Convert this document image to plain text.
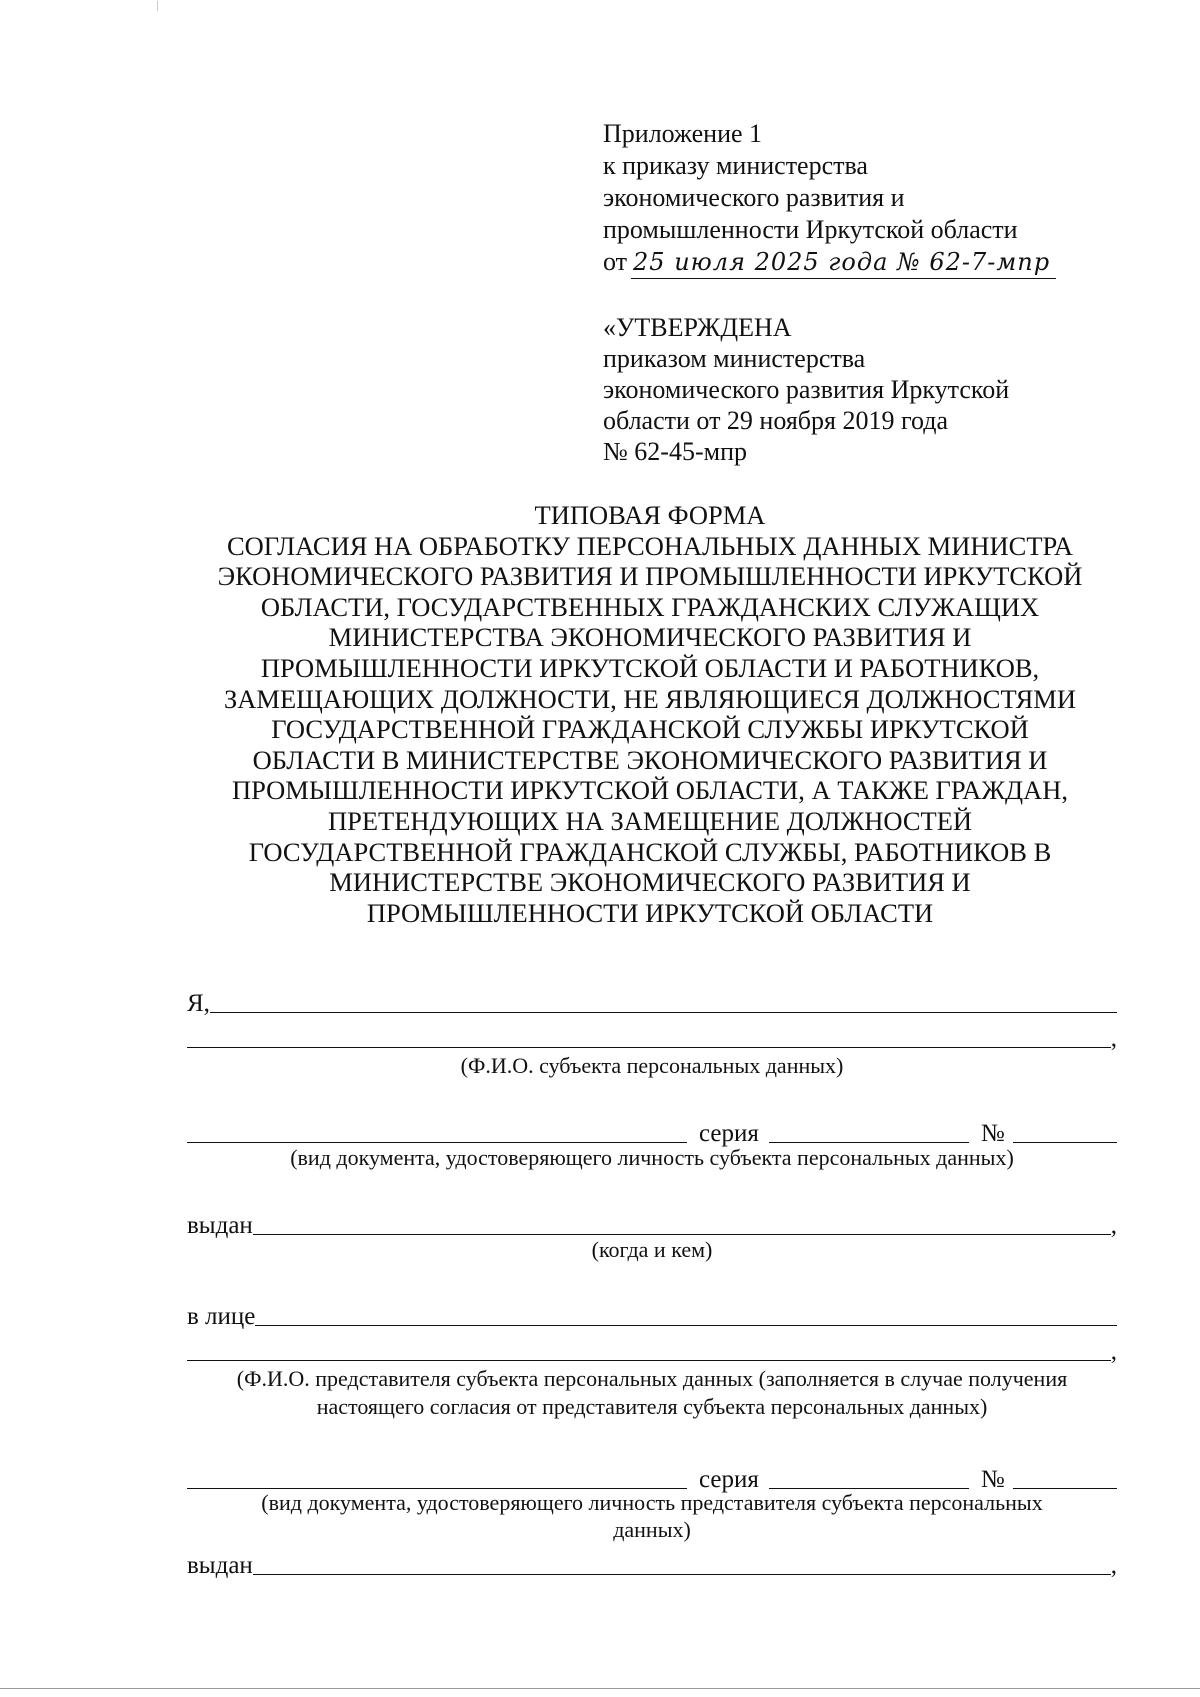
Приложение 1
к приказу министерства
экономического развития и
промышленности Иркутской области
от 25 июля 2025 года № 62-7-мпр
«УТВЕРЖДЕНА
приказом министерства
экономического развития Иркутской
области от 29 ноября 2019 года
№ 62-45-мпр
ТИПОВАЯ ФОРМА
СОГЛАСИЯ НА ОБРАБОТКУ ПЕРСОНАЛЬНЫХ ДАННЫХ МИНИСТРА
ЭКОНОМИЧЕСКОГО РАЗВИТИЯ И ПРОМЫШЛЕННОСТИ ИРКУТСКОЙ
ОБЛАСТИ, ГОСУДАРСТВЕННЫХ ГРАЖДАНСКИХ СЛУЖАЩИХ
МИНИСТЕРСТВА ЭКОНОМИЧЕСКОГО РАЗВИТИЯ И
ПРОМЫШЛЕННОСТИ ИРКУТСКОЙ ОБЛАСТИ И РАБОТНИКОВ,
ЗАМЕЩАЮЩИХ ДОЛЖНОСТИ, НЕ ЯВЛЯЮЩИЕСЯ ДОЛЖНОСТЯМИ
ГОСУДАРСТВЕННОЙ ГРАЖДАНСКОЙ СЛУЖБЫ ИРКУТСКОЙ
ОБЛАСТИ В МИНИСТЕРСТВЕ ЭКОНОМИЧЕСКОГО РАЗВИТИЯ И
ПРОМЫШЛЕННОСТИ ИРКУТСКОЙ ОБЛАСТИ, А ТАКЖЕ ГРАЖДАН,
ПРЕТЕНДУЮЩИХ НА ЗАМЕЩЕНИЕ ДОЛЖНОСТЕЙ
ГОСУДАРСТВЕННОЙ ГРАЖДАНСКОЙ СЛУЖБЫ, РАБОТНИКОВ В
МИНИСТЕРСТВЕ ЭКОНОМИЧЕСКОГО РАЗВИТИЯ И
ПРОМЫШЛЕННОСТИ ИРКУТСКОЙ ОБЛАСТИ
Я,
,
(Ф.И.О. субъекта персональных данных)
серия	№
(вид документа, удостоверяющего личность субъекта персональных данных)
выдан	,
(когда и кем)
в лице
,
(Ф.И.О. представителя субъекта персональных данных (заполняется в случае получения
настоящего согласия от представителя субъекта персональных данных)
серия	№
(вид документа, удостоверяющего личность представителя субъекта персональных
данных)
выдан	,
